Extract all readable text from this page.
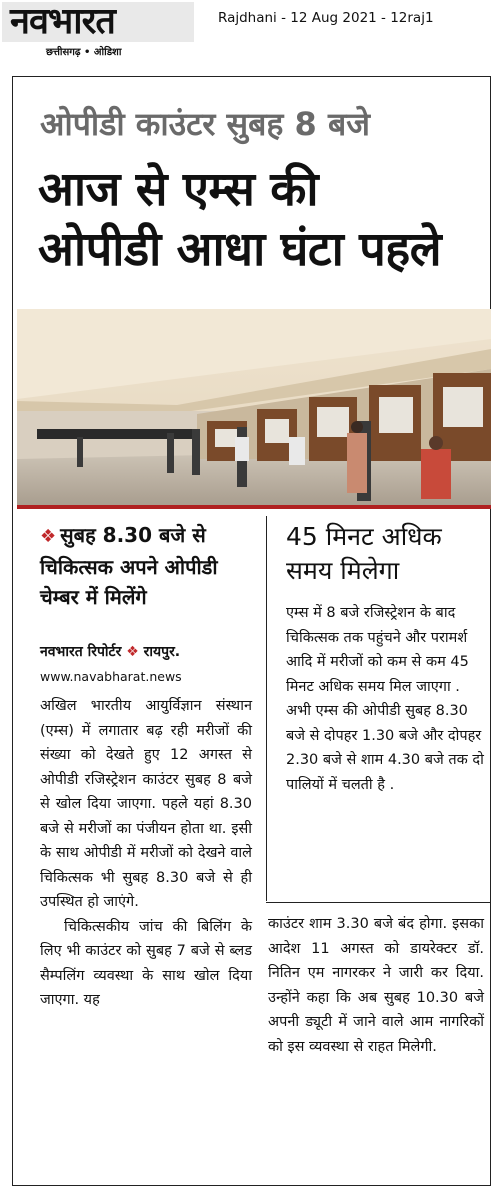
नवभारत
छत्तीसगढ़ • ओडिशा
Rajdhani - 12 Aug 2021 - 12raj1
ओपीडी काउंटर सुबह 8 बजे
आज से एम्स की
ओपीडी आधा घंटा पहले
❖ सुबह 8.30 बजे से चिकित्सक अपने ओपीडी चेम्बर में मिलेंगे
नवभारत रिपोर्टर ❖ रायपुर.
www.navabharat.news

अखिल भारतीय आयुर्विज्ञान संस्थान (एम्स) में लगातार बढ़ रही मरीजों की संख्या को देखते हुए 12 अगस्त से ओपीडी रजिस्ट्रेशन काउंटर सुबह 8 बजे से खोल दिया जाएगा. पहले यहां 8.30 बजे से मरीजों का पंजीयन होता था. इसी के साथ ओपीडी में मरीजों को देखने वाले चिकित्सक भी सुबह 8.30 बजे से ही उपस्थित हो जाएंगे.

चिकित्सकीय जांच की बिलिंग के लिए भी काउंटर को सुबह 7 बजे से ब्लड सैम्पलिंग व्यवस्था के साथ खोल दिया जाएगा. यह

45 मिनट अधिक समय मिलेगा

एम्स में 8 बजे रजिस्ट्रेशन के बाद चिकित्सक तक पहुंचने और परामर्श आदि में मरीजों को कम से कम 45 मिनट अधिक समय मिल जाएगा . अभी एम्स की ओपीडी सुबह 8.30 बजे से दोपहर 1.30 बजे और दोपहर 2.30 बजे से शाम 4.30 बजे तक दो पालियों में चलती है .

काउंटर शाम 3.30 बजे बंद होगा. इसका आदेश 11 अगस्त को डायरेक्टर डॉ. नितिन एम नागरकर ने जारी कर दिया. उन्होंने कहा कि अब सुबह 10.30 बजे अपनी ड्यूटी में जाने वाले आम नागरिकों को इस व्यवस्था से राहत मिलेगी.
